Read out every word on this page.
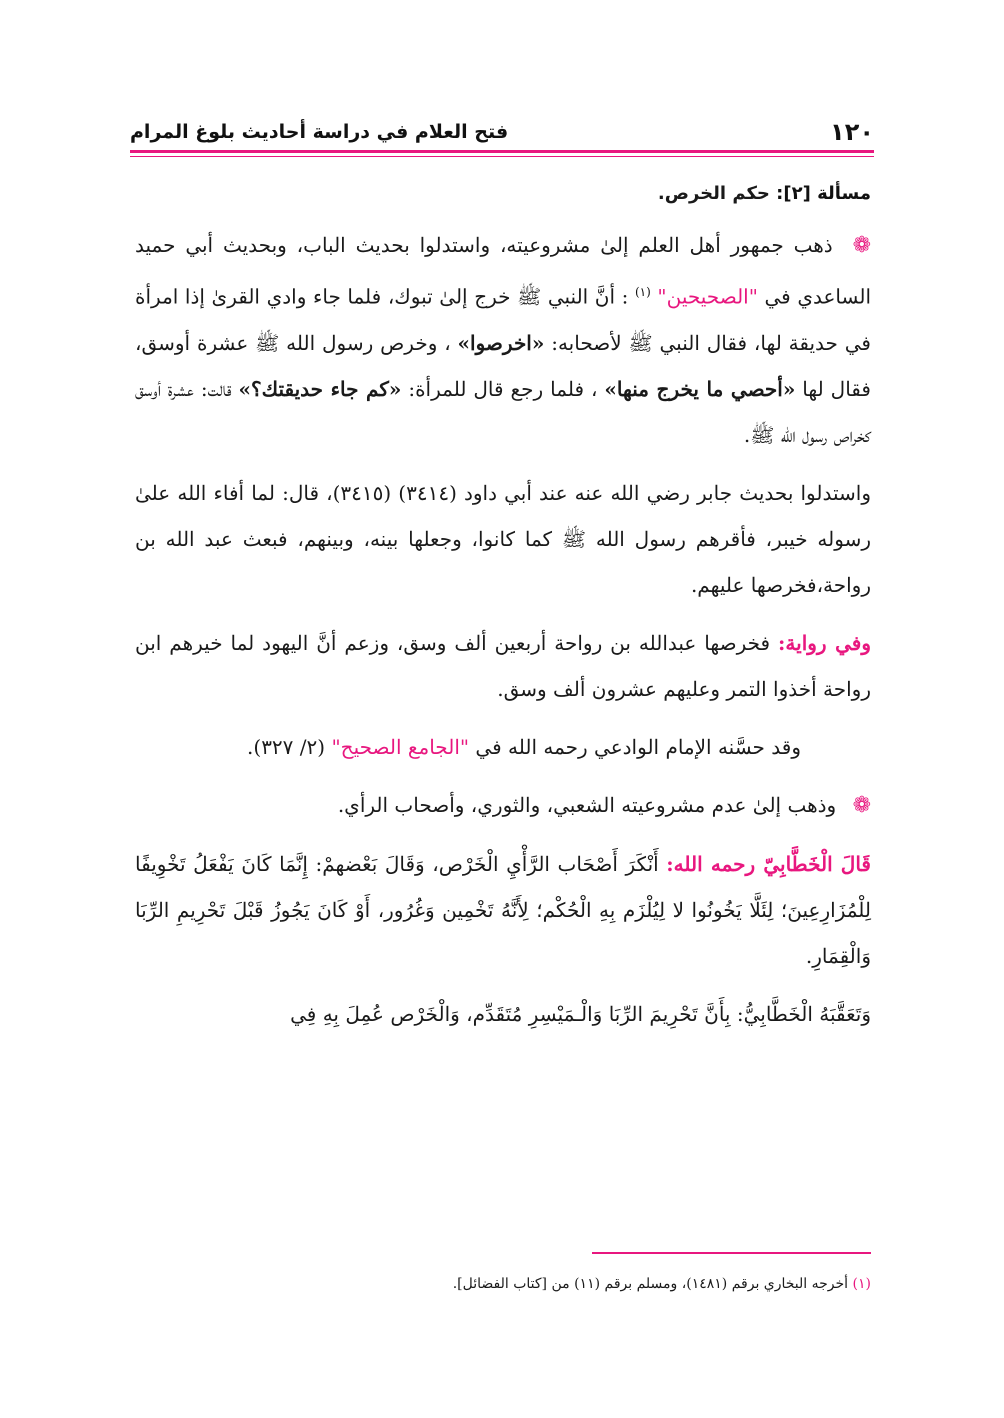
١٢٠
فتح العلام في دراسة أحاديث بلوغ المرام

مسألة [٢]: حكم الخرص.

❁ ذهب جمهور أهل العلم إلىٰ مشروعيته، واستدلوا بحديث الباب، وبحديث أبي حميد الساعدي في "الصحيحين" $^{(١)}$ : أنَّ النبي ﷺ خرج إلىٰ تبوك، فلما جاء وادي القرىٰ إذا امرأة في حديقة لها، فقال النبي ﷺ لأصحابه: «اخرصوا» ، وخرص رسول الله ﷺ عشرة أوسق، فقال لها «أحصي ما يخرج منها» ، فلما رجع قال للمرأة: «كم جاء حديقتك؟» قالت: عشرة أوسق كخراص رسول الله ﷺ.

واستدلوا بحديث جابر رضي الله عنه عند أبي داود (٣٤١٤) (٣٤١٥)، قال: لما أفاء الله علىٰ رسوله خيبر، فأقرهم رسول الله ﷺ كما كانوا، وجعلها بينه، وبينهم، فبعث عبد الله بن رواحة،فخرصها عليهم.

وفي رواية: فخرصها عبدالله بن رواحة أربعين ألف وسق، وزعم أنَّ اليهود لما خيرهم ابن رواحة أخذوا التمر وعليهم عشرون ألف وسق.

وقد حسَّنه الإمام الوادعي رحمه الله في "الجامع الصحيح" (٢/ ٣٢٧).

❁ وذهب إلىٰ عدم مشروعيته الشعبي، والثوري، وأصحاب الرأي.

قَالَ الْخَطَّابِيّ رحمه الله: أَنْكَرَ أَصْحَاب الرَّأْيِ الْخَرْص، وَقَالَ بَعْضهمْ: إِنَّمَا كَانَ يَفْعَلُ تَخْوِيفًا لِلْمُزَارِعِينَ؛ لِئَلَّا يَخُونُوا لا لِيُلْزَم بِهِ الْحُكْم؛ لِأَنَّهُ تَخْمِين وَغُرُور، أَوْ كَانَ يَجُوزُ قَبْلَ تَحْرِيمِ الرِّبَا وَالْقِمَارِ.

وَتَعَقَّبَهُ الْخَطَّابِيُّ: بِأَنَّ تَحْرِيمَ الرِّبَا وَالْـمَيْسِرِ مُتَقَدِّم، وَالْخَرْص عُمِلَ بِهِ فِي

(١) أخرجه البخاري برقم (١٤٨١)، ومسلم برقم (١١) من [كتاب الفضائل].
